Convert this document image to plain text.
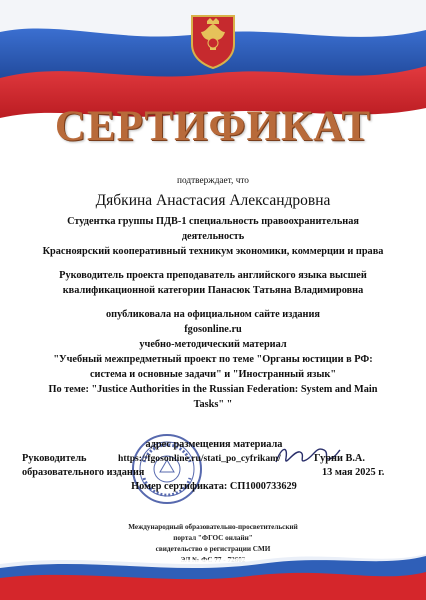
СЕРТИФИКАТ
подтверждает, что
Дябкина Анастасия Александровна
Студентка группы ПДВ-1 специальность правоохранительная
деятельность
Красноярский кооперативный техникум экономики, коммерции и права
Руководитель проекта преподаватель английского языка высшей
квалификационной категории Панасюк Татьяна Владимировна
опубликовала на официальном сайте издания
fgosonline.ru
учебно-методический материал
"Учебный межпредметный проект по теме "Органы юстиции в РФ:
система и основные задачи" и "Иностранный язык"
По теме: "Justice Authorities in the Russian Federation: System and Main
Tasks" "
адрес размещения материала
Руководитель	https://fgosonline.ru/stati_po_cyfrikam/	Гурни В.А.
образовательного издания	13 мая 2025 г.
Номер сертификата: СП1000733629
Международный образовательно-просветительский
портал "ФГОС онлайн"
свидетельство о регистрации СМИ
